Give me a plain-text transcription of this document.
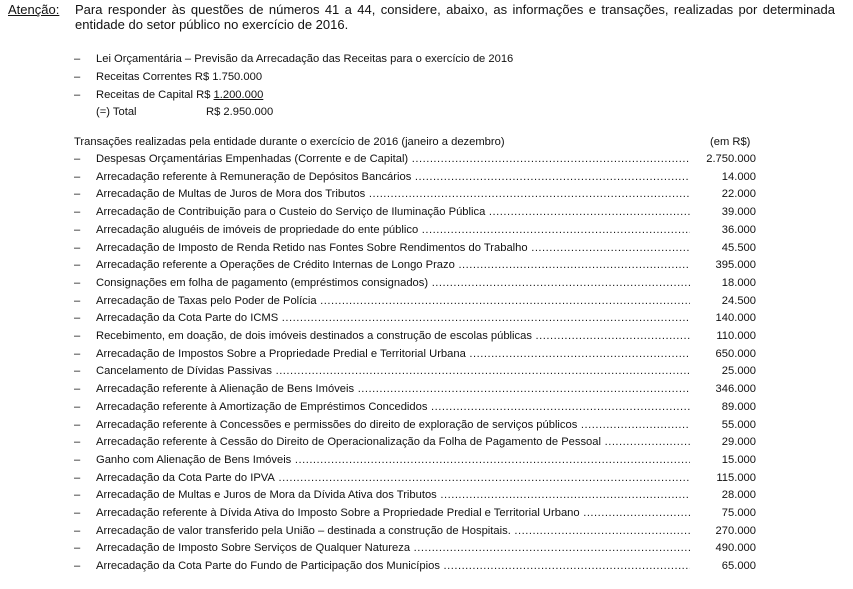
Atenção: Para responder às questões de números 41 a 44, considere, abaixo, as informações e transações, realizadas por determinada entidade do setor público no exercício de 2016.
– Lei Orçamentária – Previsão da Arrecadação das Receitas para o exercício de 2016
– Receitas Correntes R$ 1.750.000
– Receitas de Capital R$ 1.200.000
(=) Total	R$ 2.950.000
Transações realizadas pela entidade durante o exercício de 2016 (janeiro a dezembro)	(em R$)
– Despesas Orçamentárias Empenhadas (Corrente e de Capital) .....	2.750.000
– Arrecadação referente à Remuneração de Depósitos Bancários .....	14.000
– Arrecadação de Multas de Juros de Mora dos Tributos .....	22.000
– Arrecadação de Contribuição para o Custeio do Serviço de Iluminação Pública .....	39.000
– Arrecadação aluguéis de imóveis de propriedade do ente público .....	36.000
– Arrecadação de Imposto de Renda Retido nas Fontes Sobre Rendimentos do Trabalho .....	45.500
– Arrecadação referente a Operações de Crédito Internas de Longo Prazo .....	395.000
– Consignações em folha de pagamento (empréstimos consignados) .....	18.000
– Arrecadação de Taxas pelo Poder de Polícia .....	24.500
– Arrecadação da Cota Parte do ICMS .....	140.000
– Recebimento, em doação, de dois imóveis destinados a construção de escolas públicas .....	110.000
– Arrecadação de Impostos Sobre a Propriedade Predial e Territorial Urbana .....	650.000
– Cancelamento de Dívidas Passivas .....	25.000
– Arrecadação referente à Alienação de Bens Imóveis .....	346.000
– Arrecadação referente à Amortização de Empréstimos Concedidos .....	89.000
– Arrecadação referente à Concessões e permissões do direito de exploração de serviços públicos .....	55.000
– Arrecadação referente à Cessão do Direito de Operacionalização da Folha de Pagamento de Pessoal .....	29.000
– Ganho com Alienação de Bens Imóveis .....	15.000
– Arrecadação da Cota Parte do IPVA .....	115.000
– Arrecadação de Multas e Juros de Mora da Dívida Ativa dos Tributos .....	28.000
– Arrecadação referente à Dívida Ativa do Imposto Sobre a Propriedade Predial e Territorial Urbano .....	75.000
– Arrecadação de valor transferido pela União – destinada a construção de Hospitais. .....	270.000
– Arrecadação de Imposto Sobre Serviços de Qualquer Natureza .....	490.000
– Arrecadação da Cota Parte do Fundo de Participação dos Municípios .....	65.000
